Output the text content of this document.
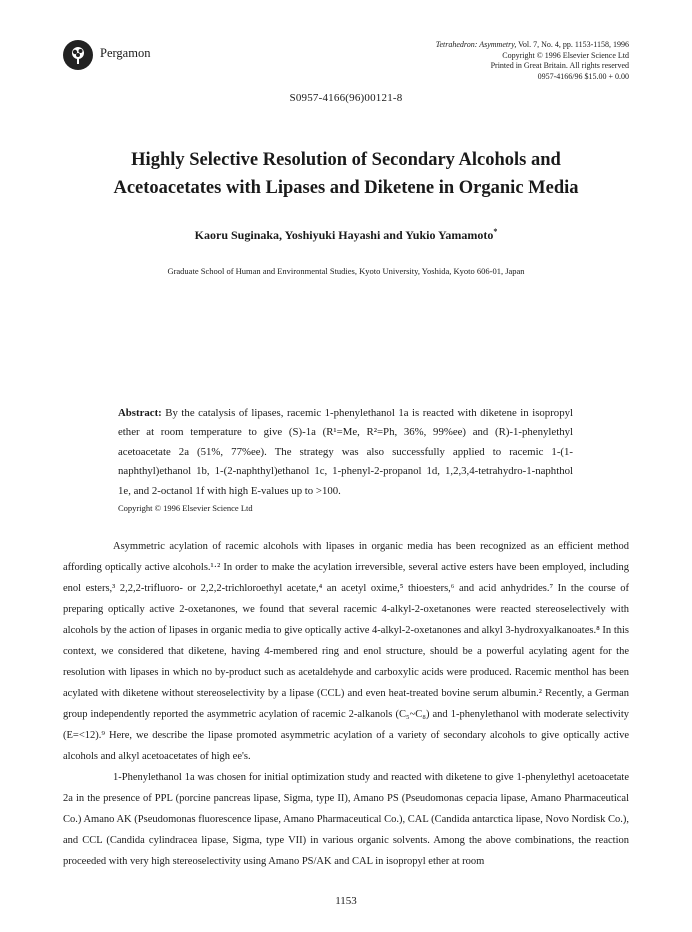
Pergamon
Tetrahedron: Asymmetry, Vol. 7, No. 4, pp. 1153-1158, 1996
Copyright © 1996 Elsevier Science Ltd
Printed in Great Britain. All rights reserved
0957-4166/96 $15.00 + 0.00
S0957-4166(96)00121-8
Highly Selective Resolution of Secondary Alcohols and
Acetoacetates with Lipases and Diketene in Organic Media
Kaoru Suginaka, Yoshiyuki Hayashi and Yukio Yamamoto*
Graduate School of Human and Environmental Studies, Kyoto University, Yoshida, Kyoto 606-01, Japan
Abstract: By the catalysis of lipases, racemic 1-phenylethanol 1a is reacted with diketene in isopropyl ether at room temperature to give (S)-1a (R¹=Me, R²=Ph, 36%, 99%ee) and (R)-1-phenylethyl acetoacetate 2a (51%, 77%ee). The strategy was also successfully applied to racemic 1-(1-naphthyl)ethanol 1b, 1-(2-naphthyl)ethanol 1c, 1-phenyl-2-propanol 1d, 1,2,3,4-tetrahydro-1-naphthol 1e, and 2-octanol 1f with high E-values up to >100.
Copyright © 1996 Elsevier Science Ltd

Asymmetric acylation of racemic alcohols with lipases in organic media has been recognized as an efficient method affording optically active alcohols.¹·² In order to make the acylation irreversible, several active esters have been employed, including enol esters,³ 2,2,2-trifluoro- or 2,2,2-trichloroethyl acetate,⁴ an acetyl oxime,⁵ thioesters,⁶ and acid anhydrides.⁷ In the course of preparing optically active 2-oxetanones, we found that several racemic 4-alkyl-2-oxetanones were reacted stereoselectively with alcohols by the action of lipases in organic media to give optically active 4-alkyl-2-oxetanones and alkyl 3-hydroxyalkanoates.⁸ In this context, we considered that diketene, having 4-membered ring and enol structure, should be a powerful acylating agent for the resolution with lipases in which no by-product such as acetaldehyde and carboxylic acids were produced. Racemic menthol has been acylated with diketene without stereoselectivity by a lipase (CCL) and even heat-treated bovine serum albumin.² Recently, a German group independently reported the asymmetric acylation of racemic 2-alkanols (C₅~C₈) and 1-phenylethanol with moderate selectivity (E=<12).⁹ Here, we describe the lipase promoted asymmetric acylation of a variety of secondary alcohols to give optically active alcohols and alkyl acetoacetates of high ee's.

1-Phenylethanol 1a was chosen for initial optimization study and reacted with diketene to give 1-phenylethyl acetoacetate 2a in the presence of PPL (porcine pancreas lipase, Sigma, type II), Amano PS (Pseudomonas cepacia lipase, Amano Pharmaceutical Co.) Amano AK (Pseudomonas fluorescence lipase, Amano Pharmaceutical Co.), CAL (Candida antarctica lipase, Novo Nordisk Co.), and CCL (Candida cylindracea lipase, Sigma, type VII) in various organic solvents. Among the above combinations, the reaction proceeded with very high stereoselectivity using Amano PS/AK and CAL in isopropyl ether at room

1153
